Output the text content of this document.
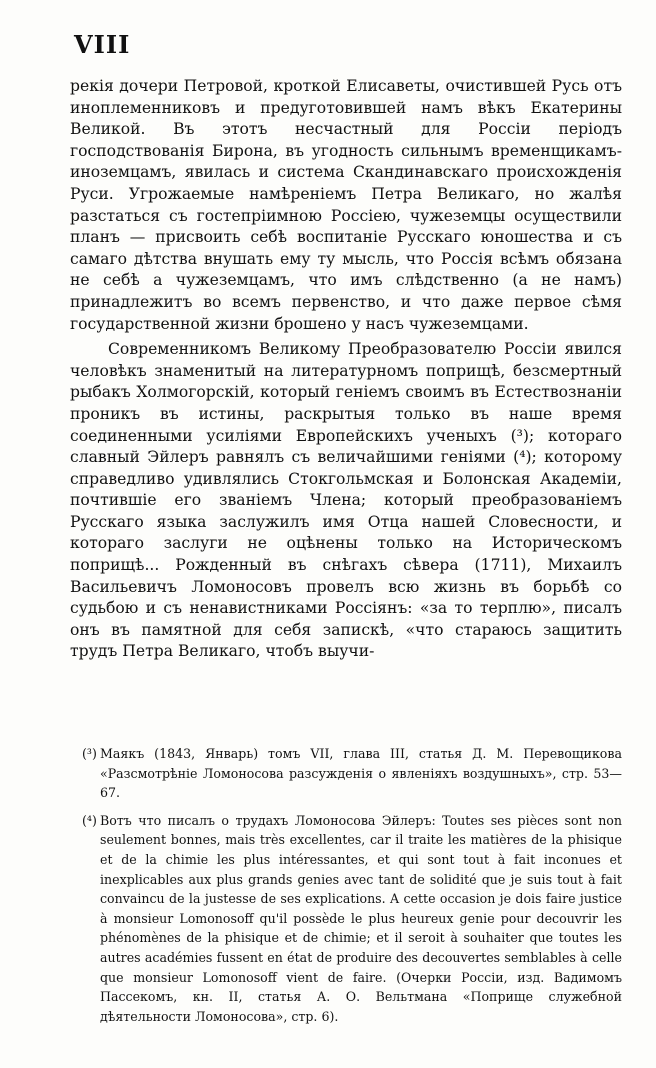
VIII

рекія дочери Петровой, кроткой Елисаветы, очистившей Русь отъ иноплеменниковъ и предуготовившей намъ вѣкъ Екатерины Великой. Въ этотъ несчастный для Россіи періодъ господствованія Бирона, въ угодность сильнымъ временщикамъ-иноземцамъ, явилась и система Скандинавскаго происхожденія Руси. Угрожаемые намѣреніемъ Петра Великаго, но жалѣя разстаться съ гостепріимною Россіею, чужеземцы осуществили планъ — присвоить себѣ воспитаніе Русскаго юношества и съ самаго дѣтства внушать ему ту мысль, что Россія всѣмъ обязана не себѣ а чужеземцамъ, что имъ слѣдственно (а не намъ) принадлежитъ во всемъ первенство, и что даже первое сѣмя государственной жизни брошено у насъ чужеземцами.

Современникомъ Великому Преобразователю Россіи явился человѣкъ знаменитый на литературномъ поприщѣ, безсмертный рыбакъ Холмогорскій, который геніемъ своимъ въ Естествознаніи проникъ въ истины, раскрытыя только въ наше время соединенными усиліями Европейскихъ ученыхъ (³); котораго славный Эйлеръ равнялъ съ величайшими геніями (⁴); которому справедливо удивлялись Стокгольмская и Болонская Академіи, почтившіе его званіемъ Члена; который преобразованіемъ Русскаго языка заслужилъ имя Отца нашей Словесности, и котораго заслуги не оцѣнены только на Историческомъ поприщѣ... Рожденный въ снѣгахъ сѣвера (1711), Михаилъ Васильевичъ Ломоносовъ провелъ всю жизнь въ борьбѣ со судьбою и съ ненавистниками Россіянъ: «за то терплю», писалъ онъ въ памятной для себя запискѣ, «что стараюсь защитить трудъ Петра Великаго, чтобъ выучи-

(³) Маякъ (1843, Январь) томъ VII, глава III, статья Д. М. Перевощикова «Разсмотрѣніе Ломоносова разсужденія о явленіяхъ воздушныхъ», стр. 53—67.
(⁴) Вотъ что писалъ о трудахъ Ломоносова Эйлеръ: Toutes ses pièces sont non seulement bonnes, mais très excellentes, car il traite les matières de la phisique et de la chimie les plus intéressantes, et qui sont tout à fait inconues et inexplicables aux plus grands genies avec tant de solidité que je suis tout à fait convaincu de la justesse de ses explications. A cette occasion je dois faire justice à monsieur Lomonosoff qu'il possède le plus heureux genie pour decouvrir les phénomènes de la phisique et de chimie; et il seroit à souhaiter que toutes les autres académies fussent en état de produire des decouvertes semblables à celle que monsieur Lomonosoff vient de faire. (Очерки Россіи, изд. Вадимомъ Пассекомъ, кн. II, статья А. О. Вельтмана «Поприще служебной дѣятельности Ломоносова», стр. 6).
